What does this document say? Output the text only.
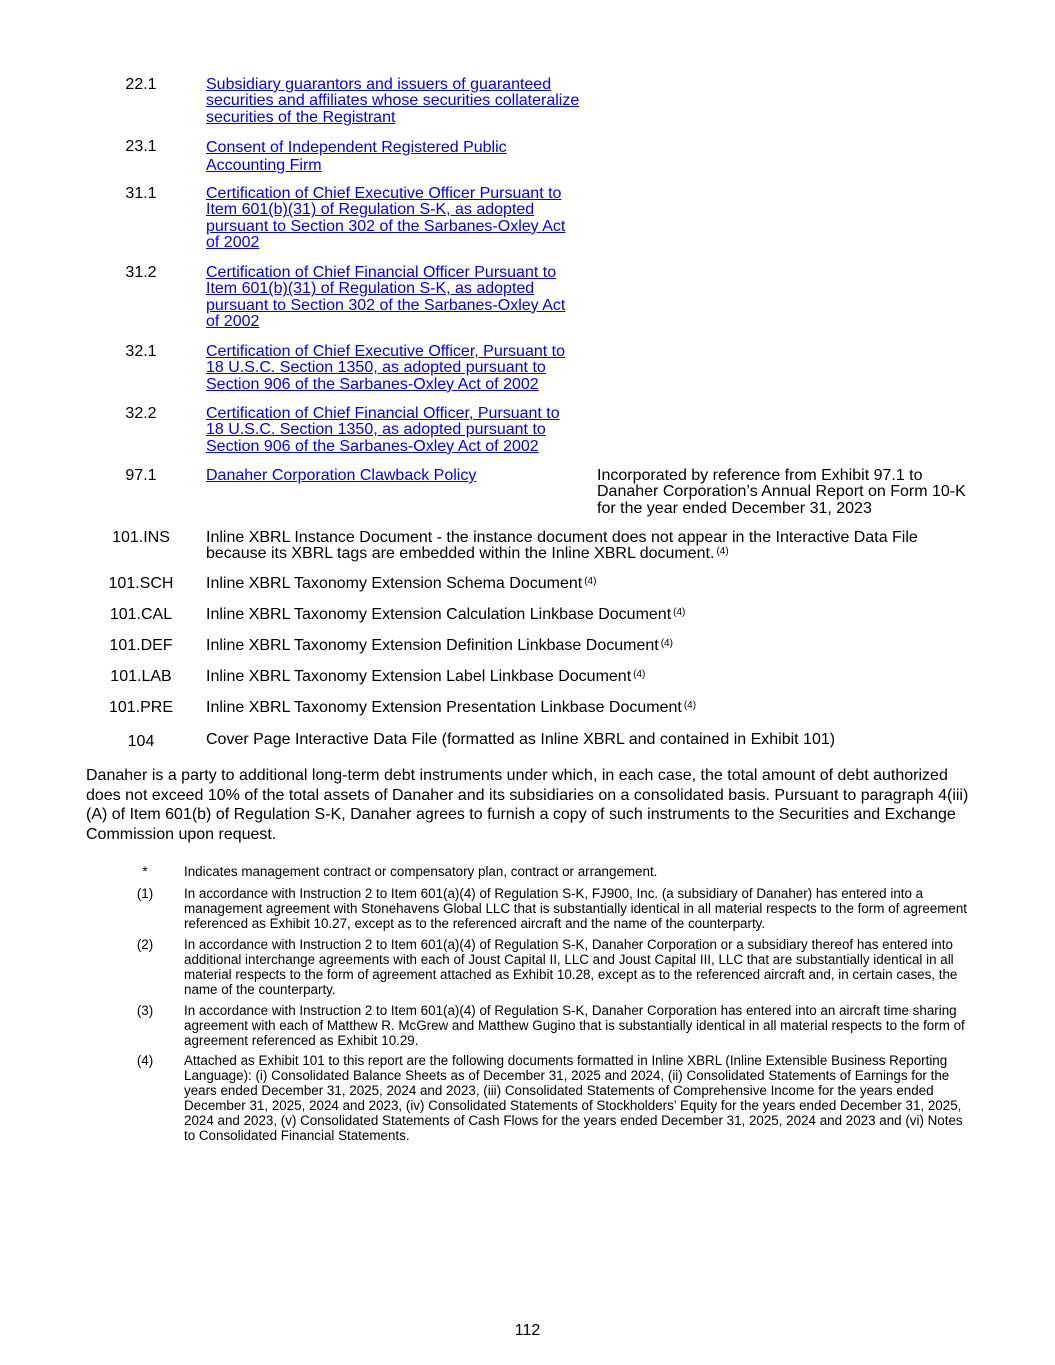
22.1	Subsidiary guarantors and issuers of guaranteed securities and affiliates whose securities collateralize securities of the Registrant
23.1	Consent of Independent Registered Public Accounting Firm
31.1	Certification of Chief Executive Officer Pursuant to Item 601(b)(31) of Regulation S-K, as adopted pursuant to Section 302 of the Sarbanes-Oxley Act of 2002
31.2	Certification of Chief Financial Officer Pursuant to Item 601(b)(31) of Regulation S-K, as adopted pursuant to Section 302 of the Sarbanes-Oxley Act of 2002
32.1	Certification of Chief Executive Officer, Pursuant to 18 U.S.C. Section 1350, as adopted pursuant to Section 906 of the Sarbanes-Oxley Act of 2002
32.2	Certification of Chief Financial Officer, Pursuant to 18 U.S.C. Section 1350, as adopted pursuant to Section 906 of the Sarbanes-Oxley Act of 2002
97.1	Danaher Corporation Clawback Policy	Incorporated by reference from Exhibit 97.1 to Danaher Corporation’s Annual Report on Form 10-K for the year ended December 31, 2023
101.INS	Inline XBRL Instance Document - the instance document does not appear in the Interactive Data File because its XBRL tags are embedded within the Inline XBRL document. $^{(4)}$
101.SCH	Inline XBRL Taxonomy Extension Schema Document $^{(4)}$
101.CAL	Inline XBRL Taxonomy Extension Calculation Linkbase Document $^{(4)}$
101.DEF	Inline XBRL Taxonomy Extension Definition Linkbase Document $^{(4)}$
101.LAB	Inline XBRL Taxonomy Extension Label Linkbase Document $^{(4)}$
101.PRE	Inline XBRL Taxonomy Extension Presentation Linkbase Document $^{(4)}$
104	Cover Page Interactive Data File (formatted as Inline XBRL and contained in Exhibit 101)
Danaher is a party to additional long-term debt instruments under which, in each case, the total amount of debt authorized does not exceed 10% of the total assets of Danaher and its subsidiaries on a consolidated basis. Pursuant to paragraph 4(iii)(A) of Item 601(b) of Regulation S-K, Danaher agrees to furnish a copy of such instruments to the Securities and Exchange Commission upon request.
*	Indicates management contract or compensatory plan, contract or arrangement.
(1)	In accordance with Instruction 2 to Item 601(a)(4) of Regulation S-K, FJ900, Inc. (a subsidiary of Danaher) has entered into a management agreement with Stonehavens Global LLC that is substantially identical in all material respects to the form of agreement referenced as Exhibit 10.27, except as to the referenced aircraft and the name of the counterparty.
(2)	In accordance with Instruction 2 to Item 601(a)(4) of Regulation S-K, Danaher Corporation or a subsidiary thereof has entered into additional interchange agreements with each of Joust Capital II, LLC and Joust Capital III, LLC that are substantially identical in all material respects to the form of agreement attached as Exhibit 10.28, except as to the referenced aircraft and, in certain cases, the name of the counterparty.
(3)	In accordance with Instruction 2 to Item 601(a)(4) of Regulation S-K, Danaher Corporation has entered into an aircraft time sharing agreement with each of Matthew R. McGrew and Matthew Gugino that is substantially identical in all material respects to the form of agreement referenced as Exhibit 10.29.
(4)	Attached as Exhibit 101 to this report are the following documents formatted in Inline XBRL (Inline Extensible Business Reporting Language): (i) Consolidated Balance Sheets as of December 31, 2025 and 2024, (ii) Consolidated Statements of Earnings for the years ended December 31, 2025, 2024 and 2023, (iii) Consolidated Statements of Comprehensive Income for the years ended December 31, 2025, 2024 and 2023, (iv) Consolidated Statements of Stockholders’ Equity for the years ended December 31, 2025, 2024 and 2023, (v) Consolidated Statements of Cash Flows for the years ended December 31, 2025, 2024 and 2023 and (vi) Notes to Consolidated Financial Statements.
112
